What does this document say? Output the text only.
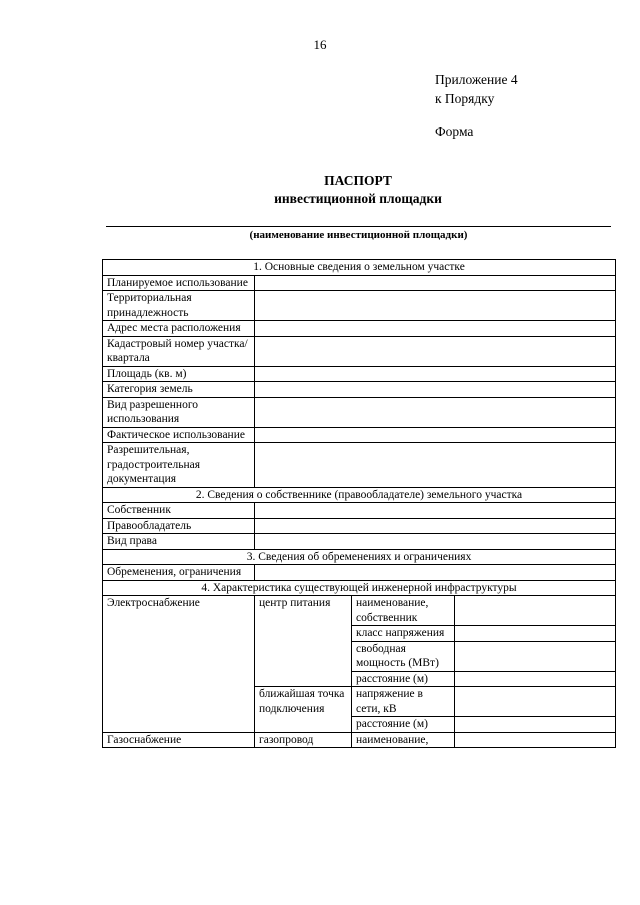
16
Приложение 4
к Порядку
Форма
ПАСПОРТ
инвестиционной площадки
(наименование инвестиционной площадки)
1. Основные сведения о земельном участке			
Планируемое использование			
Территориальная принадлежность			
Адрес места расположения			
Кадастровый номер участка/квартала			
Площадь (кв. м)			
Категория земель			
Вид разрешенного использования			
Фактическое использование			
Разрешительная, градостроительная документация			
2. Сведения о собственнике (правообладателе) земельного участка			
Собственник			
Правообладатель			
Вид права			
3. Сведения об обременениях и ограничениях			
Обременения, ограничения			
4. Характеристика существующей инженерной инфраструктуры			
Электроснабжение	центр питания	наименование, собственник	
		класс напряжения	
		свободная мощность (МВт)	
		расстояние (м)	
	ближайшая точка подключения	напряжение в сети, кВ	
		расстояние (м)	
Газоснабжение	газопровод	наименование,	
